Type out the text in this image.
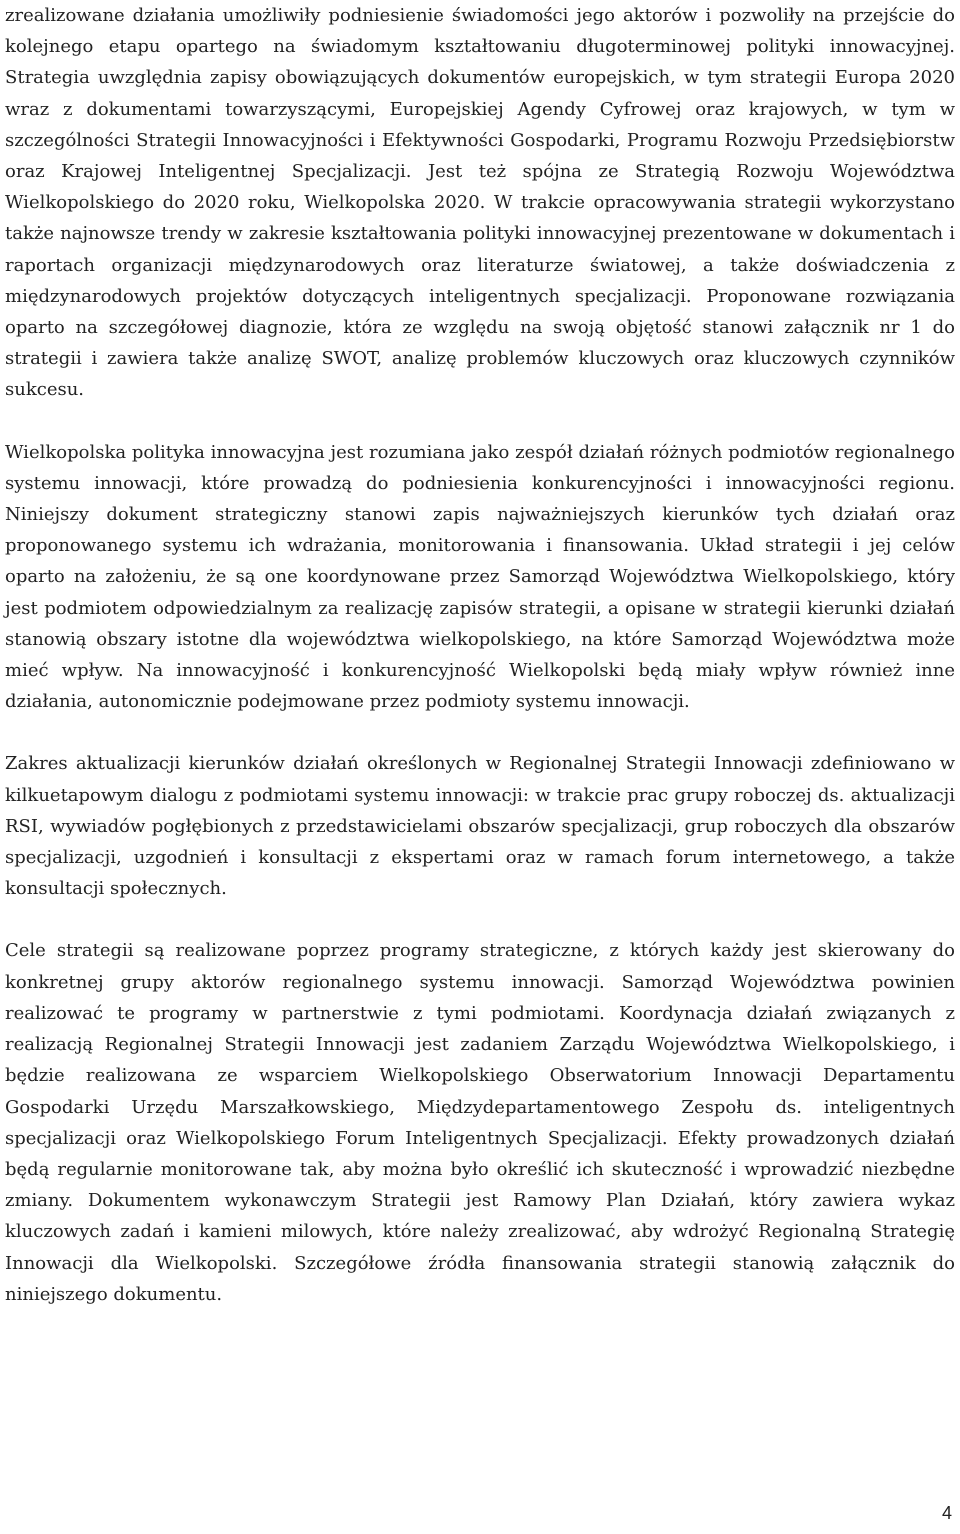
zrealizowane działania umożliwiły podniesienie świadomości jego aktorów i pozwoliły na przejście do kolejnego etapu opartego na świadomym kształtowaniu długoterminowej polityki innowacyjnej. Strategia uwzględnia zapisy obowiązujących dokumentów europejskich, w tym strategii Europa 2020 wraz z dokumentami towarzyszącymi, Europejskiej Agendy Cyfrowej oraz krajowych, w tym w szczególności Strategii Innowacyjności i Efektywności Gospodarki, Programu Rozwoju Przedsiębiorstw oraz Krajowej Inteligentnej Specjalizacji. Jest też spójna ze Strategią Rozwoju Województwa Wielkopolskiego do 2020 roku, Wielkopolska 2020. W trakcie opracowywania strategii wykorzystano także najnowsze trendy w zakresie kształtowania polityki innowacyjnej prezentowane w dokumentach i raportach organizacji międzynarodowych oraz literaturze światowej, a także doświadczenia z międzynarodowych projektów dotyczących inteligentnych specjalizacji. Proponowane rozwiązania oparto na szczegółowej diagnozie, która ze względu na swoją objętość stanowi załącznik nr 1 do strategii i zawiera także analizę SWOT, analizę problemów kluczowych oraz kluczowych czynników sukcesu.

Wielkopolska polityka innowacyjna jest rozumiana jako zespół działań różnych podmiotów regionalnego systemu innowacji, które prowadzą do podniesienia konkurencyjności i innowacyjności regionu. Niniejszy dokument strategiczny stanowi zapis najważniejszych kierunków tych działań oraz proponowanego systemu ich wdrażania, monitorowania i finansowania. Układ strategii i jej celów oparto na założeniu, że są one koordynowane przez Samorząd Województwa Wielkopolskiego, który jest podmiotem odpowiedzialnym za realizację zapisów strategii, a opisane w strategii kierunki działań stanowią obszary istotne dla województwa wielkopolskiego, na które Samorząd Województwa może mieć wpływ. Na innowacyjność i konkurencyjność Wielkopolski będą miały wpływ również inne działania, autonomicznie podejmowane przez podmioty systemu innowacji.

Zakres aktualizacji kierunków działań określonych w Regionalnej Strategii Innowacji zdefiniowano w kilkuetapowym dialogu z podmiotami systemu innowacji: w trakcie prac grupy roboczej ds. aktualizacji RSI, wywiadów pogłębionych z przedstawicielami obszarów specjalizacji, grup roboczych dla obszarów specjalizacji, uzgodnień i konsultacji z ekspertami oraz w ramach forum internetowego, a także konsultacji społecznych.

Cele strategii są realizowane poprzez programy strategiczne, z których każdy jest skierowany do konkretnej grupy aktorów regionalnego systemu innowacji. Samorząd Województwa powinien realizować te programy w partnerstwie z tymi podmiotami. Koordynacja działań związanych z realizacją Regionalnej Strategii Innowacji jest zadaniem Zarządu Województwa Wielkopolskiego, i będzie realizowana ze wsparciem Wielkopolskiego Obserwatorium Innowacji Departamentu Gospodarki Urzędu Marszałkowskiego, Międzydepartamentowego Zespołu ds. inteligentnych specjalizacji oraz Wielkopolskiego Forum Inteligentnych Specjalizacji. Efekty prowadzonych działań będą regularnie monitorowane tak, aby można było określić ich skuteczność i wprowadzić niezbędne zmiany. Dokumentem wykonawczym Strategii jest Ramowy Plan Działań, który zawiera wykaz kluczowych zadań i kamieni milowych, które należy zrealizować, aby wdrożyć Regionalną Strategię Innowacji dla Wielkopolski. Szczegółowe źródła finansowania strategii stanowią załącznik do niniejszego dokumentu.

4
